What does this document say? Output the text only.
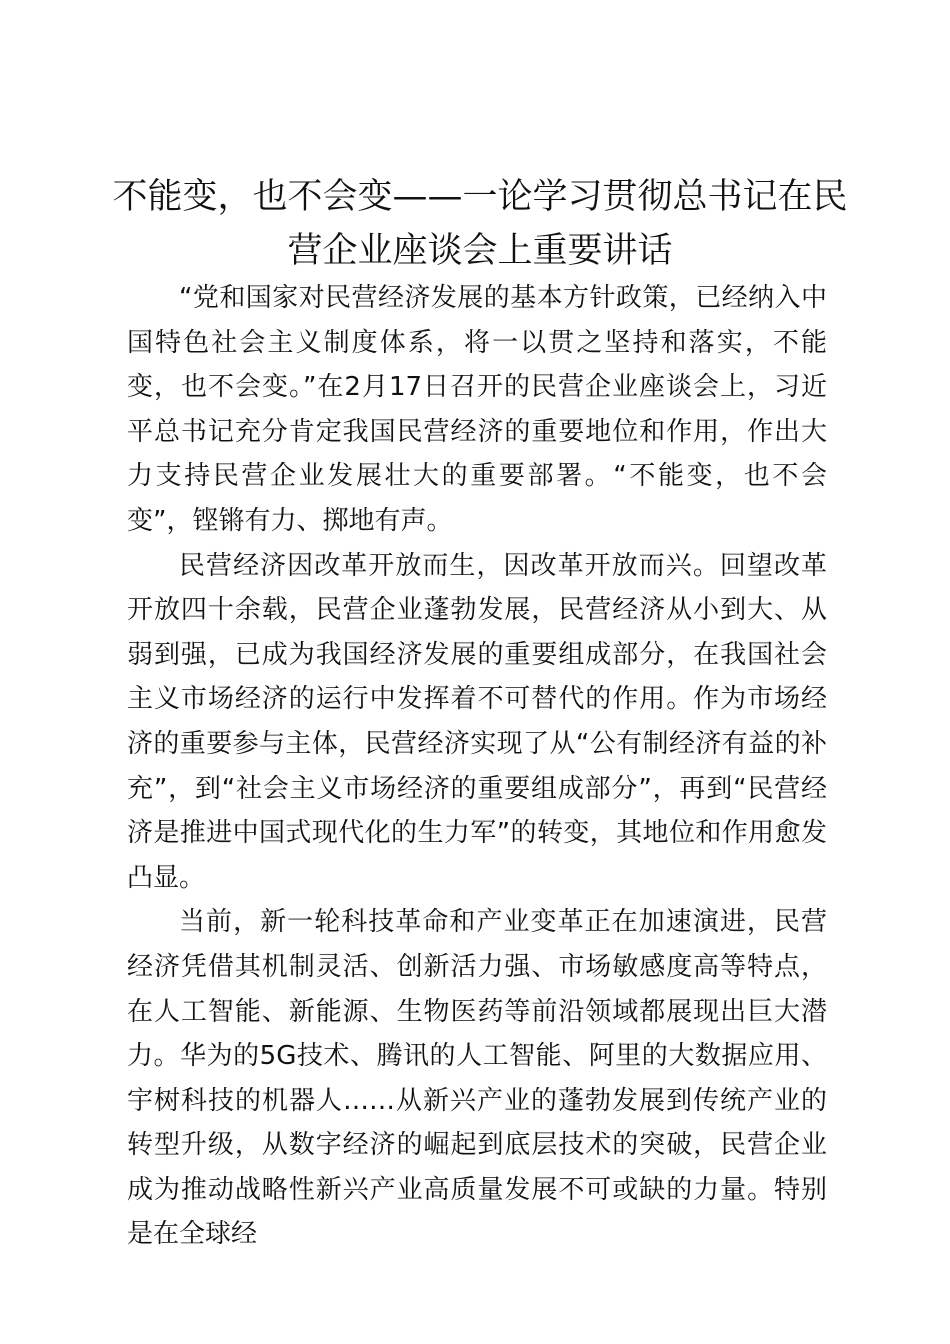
不能变，也不会变——一论学习贯彻总书记在民营企业座谈会上重要讲话

“党和国家对民营经济发展的基本方针政策，已经纳入中国特色社会主义制度体系，将一以贯之坚持和落实，不能变，也不会变。”在2月17日召开的民营企业座谈会上，习近平总书记充分肯定我国民营经济的重要地位和作用，作出大力支持民营企业发展壮大的重要部署。“不能变，也不会变”，铿锵有力、掷地有声。

民营经济因改革开放而生，因改革开放而兴。回望改革开放四十余载，民营企业蓬勃发展，民营经济从小到大、从弱到强，已成为我国经济发展的重要组成部分，在我国社会主义市场经济的运行中发挥着不可替代的作用。作为市场经济的重要参与主体，民营经济实现了从“公有制经济有益的补充”，到“社会主义市场经济的重要组成部分”，再到“民营经济是推进中国式现代化的生力军”的转变，其地位和作用愈发凸显。

当前，新一轮科技革命和产业变革正在加速演进，民营经济凭借其机制灵活、创新活力强、市场敏感度高等特点，在人工智能、新能源、生物医药等前沿领域都展现出巨大潜力。华为的5G技术、腾讯的人工智能、阿里的大数据应用、宇树科技的机器人……从新兴产业的蓬勃发展到传统产业的转型升级，从数字经济的崛起到底层技术的突破，民营企业成为推动战略性新兴产业高质量发展不可或缺的力量。特别是在全球经
